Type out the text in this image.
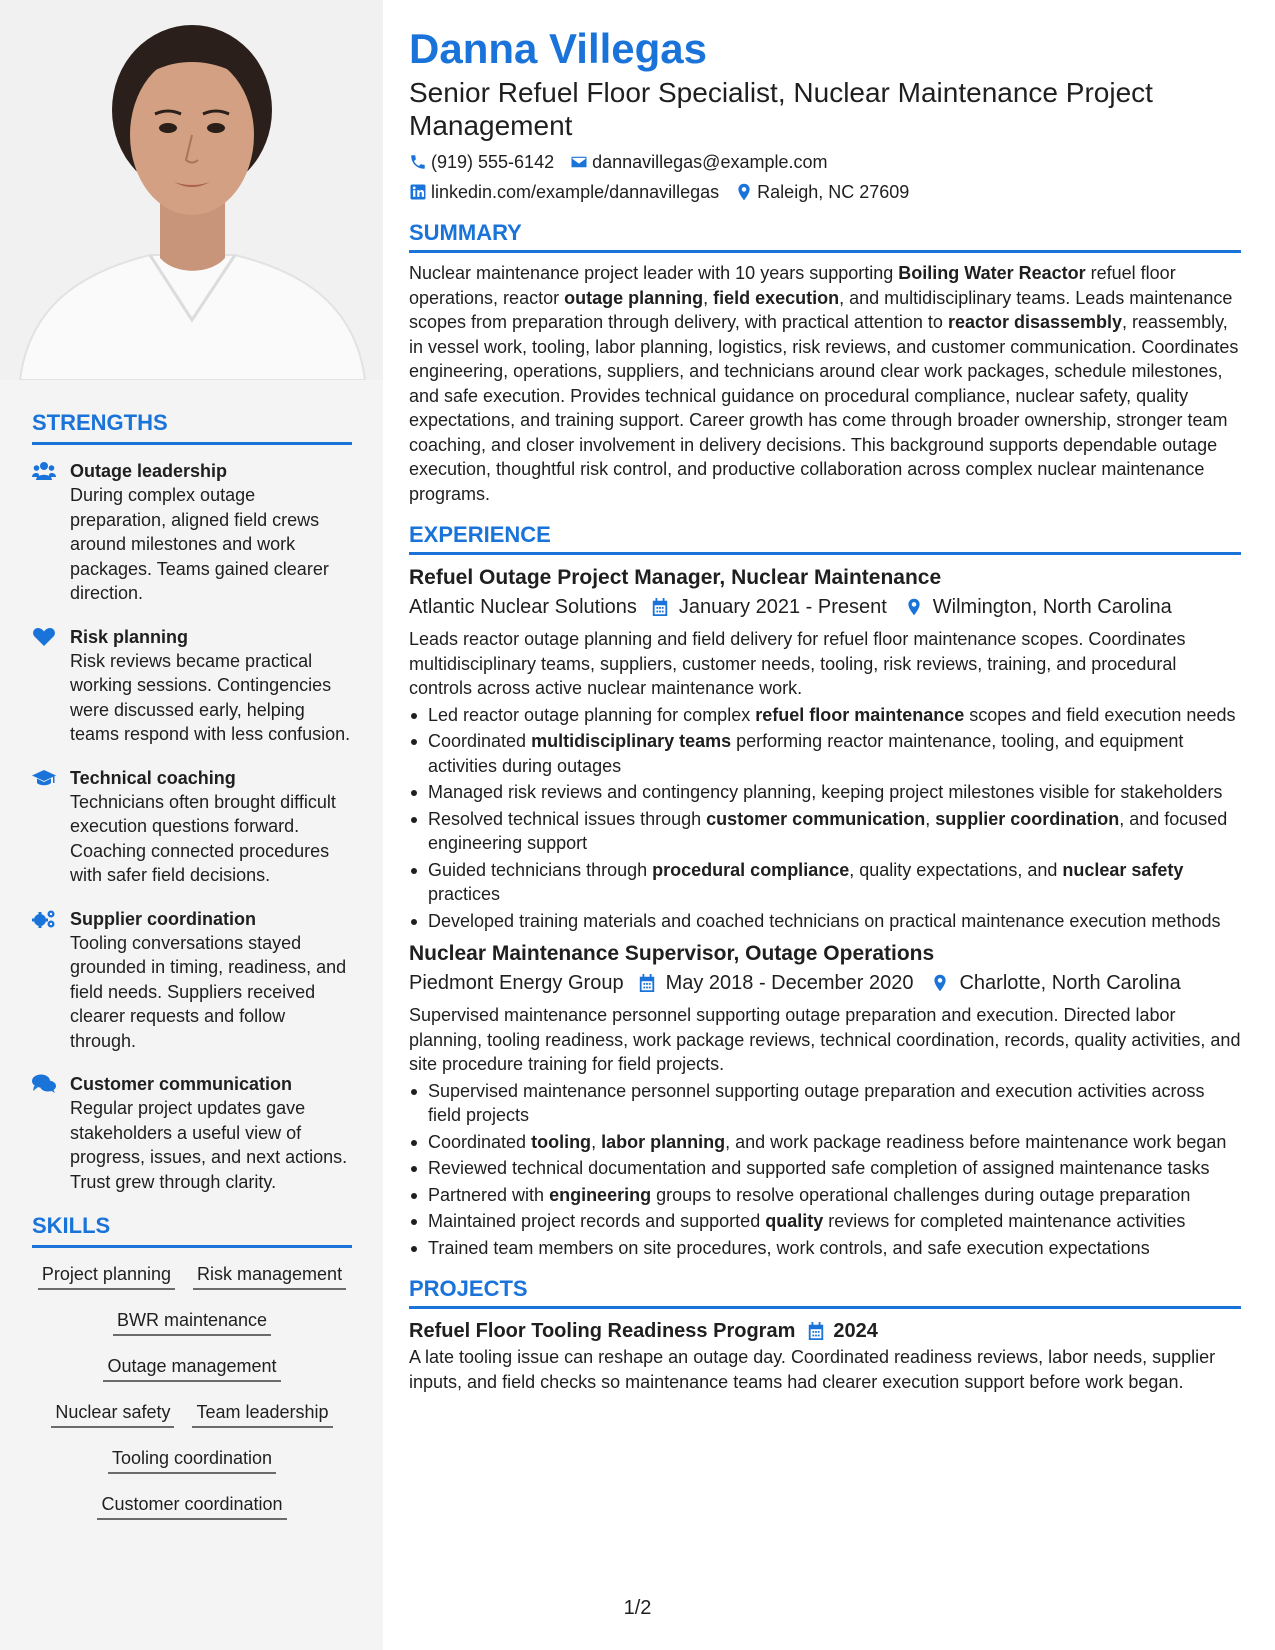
STRENGTHS
Outage leadership
During complex outage preparation, aligned field crews around milestones and work packages. Teams gained clearer direction.
Risk planning
Risk reviews became practical working sessions. Contingencies were discussed early, helping teams respond with less confusion.
Technical coaching
Technicians often brought difficult execution questions forward. Coaching connected procedures with safer field decisions.
Supplier coordination
Tooling conversations stayed grounded in timing, readiness, and field needs. Suppliers received clearer requests and follow through.
Customer communication
Regular project updates gave stakeholders a useful view of progress, issues, and next actions. Trust grew through clarity.
SKILLS
Project planning Risk management
BWR maintenance
Outage management
Nuclear safety Team leadership
Tooling coordination
Customer coordination
Danna Villegas
Senior Refuel Floor Specialist, Nuclear Maintenance Project Management
(919) 555-6142 dannavillegas@example.com
linkedin.com/example/dannavillegas Raleigh, NC 27609
SUMMARY
Nuclear maintenance project leader with 10 years supporting Boiling Water Reactor refuel floor operations, reactor outage planning, field execution, and multidisciplinary teams. Leads maintenance scopes from preparation through delivery, with practical attention to reactor disassembly, reassembly, in vessel work, tooling, labor planning, logistics, risk reviews, and customer communication. Coordinates engineering, operations, suppliers, and technicians around clear work packages, schedule milestones, and safe execution. Provides technical guidance on procedural compliance, nuclear safety, quality expectations, and training support. Career growth has come through broader ownership, stronger team coaching, and closer involvement in delivery decisions. This background supports dependable outage execution, thoughtful risk control, and productive collaboration across complex nuclear maintenance programs.
EXPERIENCE
Refuel Outage Project Manager, Nuclear Maintenance
Atlantic Nuclear Solutions January 2021 - Present Wilmington, North Carolina
Leads reactor outage planning and field delivery for refuel floor maintenance scopes. Coordinates multidisciplinary teams, suppliers, customer needs, tooling, risk reviews, training, and procedural controls across active nuclear maintenance work.
Led reactor outage planning for complex refuel floor maintenance scopes and field execution needs
Coordinated multidisciplinary teams performing reactor maintenance, tooling, and equipment activities during outages
Managed risk reviews and contingency planning, keeping project milestones visible for stakeholders
Resolved technical issues through customer communication, supplier coordination, and focused engineering support
Guided technicians through procedural compliance, quality expectations, and nuclear safety practices
Developed training materials and coached technicians on practical maintenance execution methods
Nuclear Maintenance Supervisor, Outage Operations
Piedmont Energy Group May 2018 - December 2020 Charlotte, North Carolina
Supervised maintenance personnel supporting outage preparation and execution. Directed labor planning, tooling readiness, work package reviews, technical coordination, records, quality activities, and site procedure training for field projects.
Supervised maintenance personnel supporting outage preparation and execution activities across field projects
Coordinated tooling, labor planning, and work package readiness before maintenance work began
Reviewed technical documentation and supported safe completion of assigned maintenance tasks
Partnered with engineering groups to resolve operational challenges during outage preparation
Maintained project records and supported quality reviews for completed maintenance activities
Trained team members on site procedures, work controls, and safe execution expectations
PROJECTS
Refuel Floor Tooling Readiness Program 2024
A late tooling issue can reshape an outage day. Coordinated readiness reviews, labor needs, supplier inputs, and field checks so maintenance teams had clearer execution support before work began.
1/2
